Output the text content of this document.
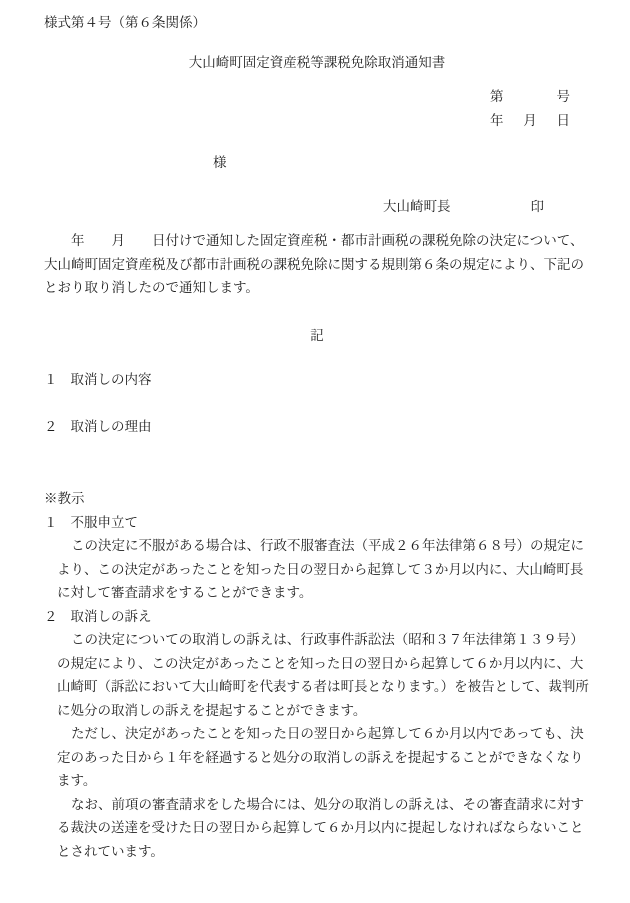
様式第４号（第６条関係）
大山崎町固定資産税等課税免除取消通知書
第	号
年 月 日
様
大山崎町長	印
年　　月　　日付けで通知した固定資産税・都市計画税の課税免除の決定について、
大山崎町固定資産税及び都市計画税の課税免除に関する規則第６条の規定により、下記の
とおり取り消したので通知します。
記
１ 取消しの内容
２ 取消しの理由
※教示
１ 不服申立て
この決定に不服がある場合は、行政不服審査法（平成２６年法律第６８号）の規定に
より、この決定があったことを知った日の翌日から起算して３か月以内に、大山崎町長
に対して審査請求をすることができます。
２ 取消しの訴え
この決定についての取消しの訴えは、行政事件訴訟法（昭和３７年法律第１３９号）
の規定により、この決定があったことを知った日の翌日から起算して６か月以内に、大
山崎町（訴訟において大山崎町を代表する者は町長となります。）を被告として、裁判所
に処分の取消しの訴えを提起することができます。
ただし、決定があったことを知った日の翌日から起算して６か月以内であっても、決
定のあった日から１年を経過すると処分の取消しの訴えを提起することができなくなり
ます。
なお、前項の審査請求をした場合には、処分の取消しの訴えは、その審査請求に対す
る裁決の送達を受けた日の翌日から起算して６か月以内に提起しなければならないこと
とされています。
